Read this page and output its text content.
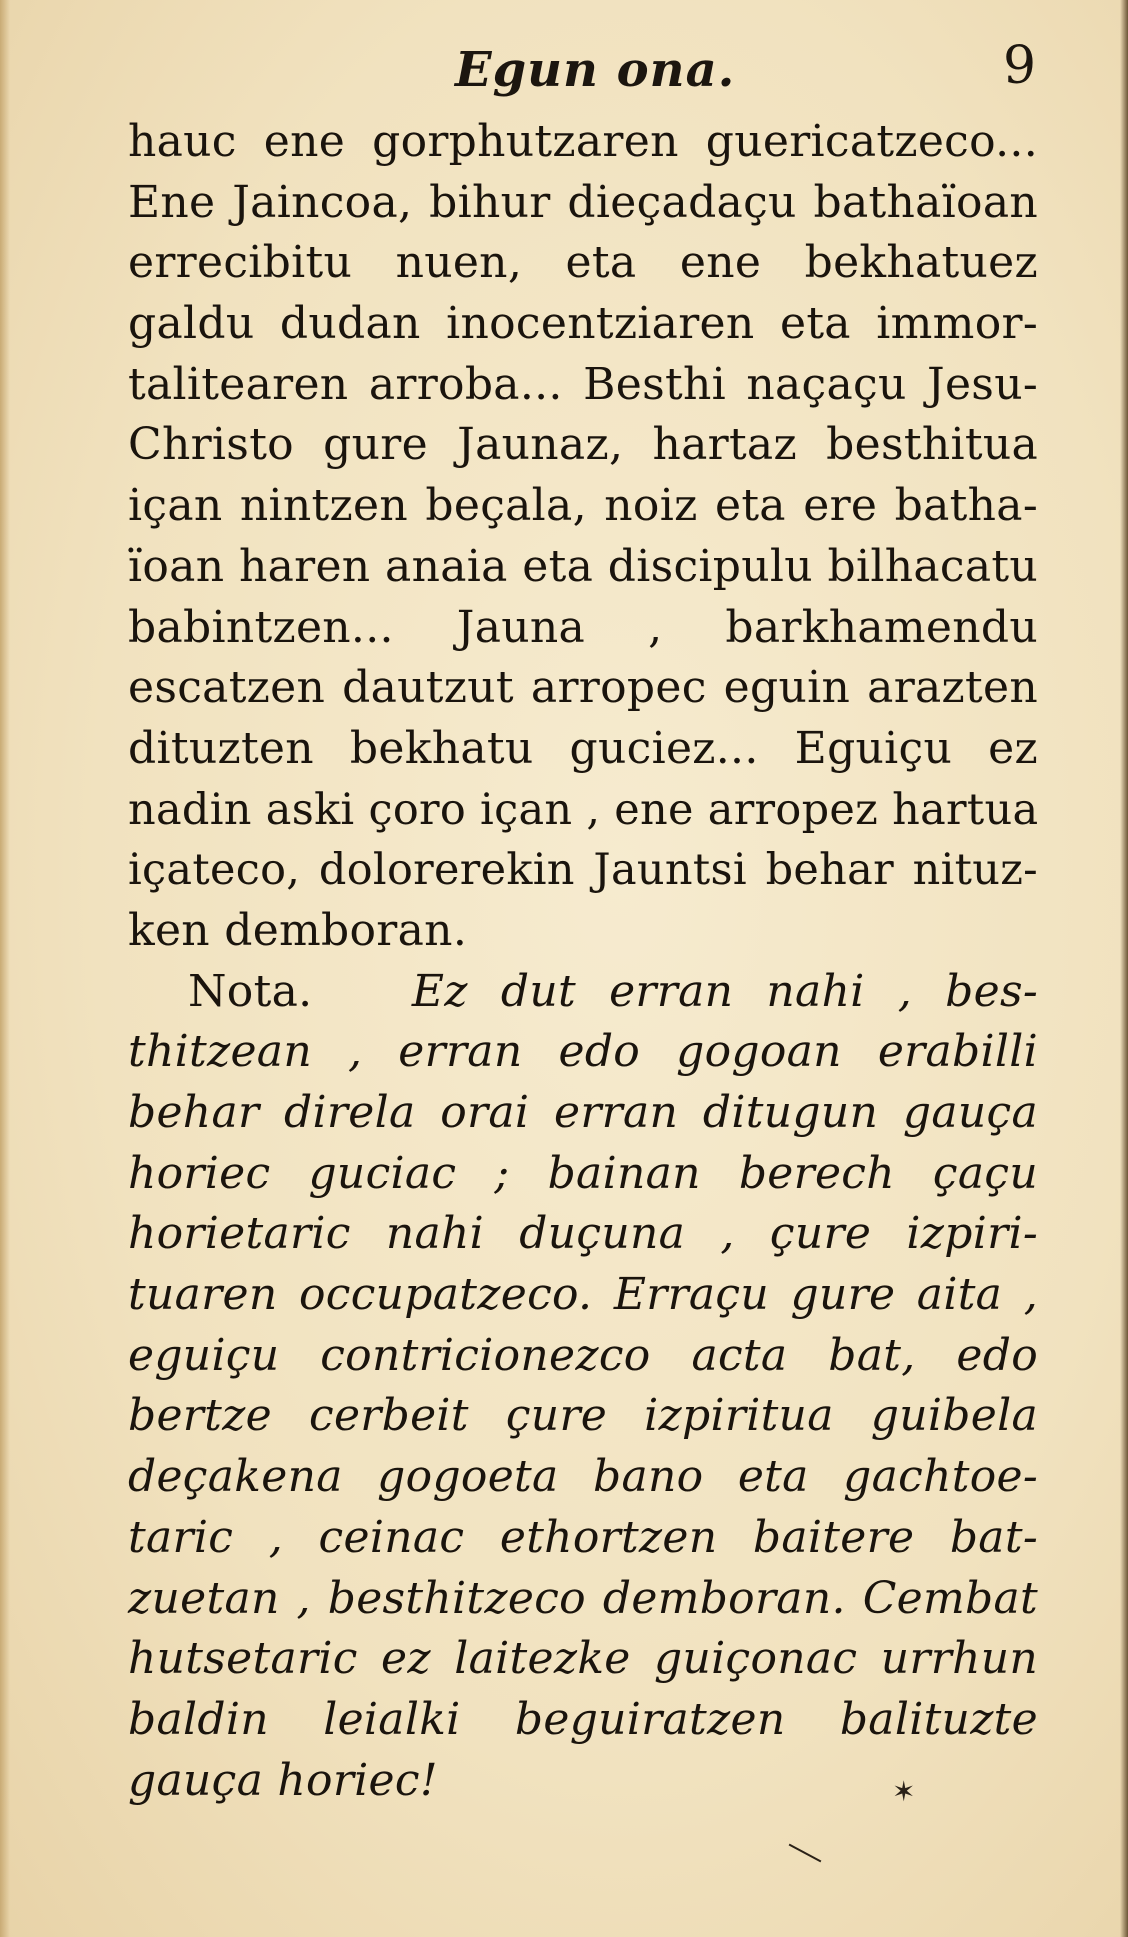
Egun ona.	9
hauc ene gorphutzaren guericatzeco...
Ene Jaincoa, bihur dieçadaçu bathaïoan
errecibitu nuen, eta ene bekhatuez
galdu dudan inocentziaren eta immor-
talitearen arroba... Besthi naçaçu Jesu-
Christo gure Jaunaz, hartaz besthitua
içan nintzen beçala, noiz eta ere batha-
ïoan haren anaia eta discipulu bilhacatu
babintzen... Jauna , barkhamendu
escatzen dautzut arropec eguin arazten
dituzten bekhatu guciez... Eguiçu ez
nadin aski çoro içan , ene arropez hartua
içateco, dolorerekin Jauntsi behar nituz-
ken demboran.
Nota. Ez dut erran nahi , bes-
thitzean , erran edo gogoan erabilli
behar direla orai erran ditugun gauça
horiec guciac ; bainan berech çaçu
horietaric nahi duçuna , çure izpiri-
tuaren occupatzeco. Erraçu gure aita ,
eguiçu contricionezco acta bat, edo
bertze cerbeit çure izpiritua guibela
deçakena gogoeta bano eta gachtoe-
taric , ceinac ethortzen baitere bat-
zuetan , besthitzeco demboran. Cembat
hutsetaric ez laitezke guiçonac urrhun
baldin leialki beguiratzen balituzte
gauça horiec!	✶
